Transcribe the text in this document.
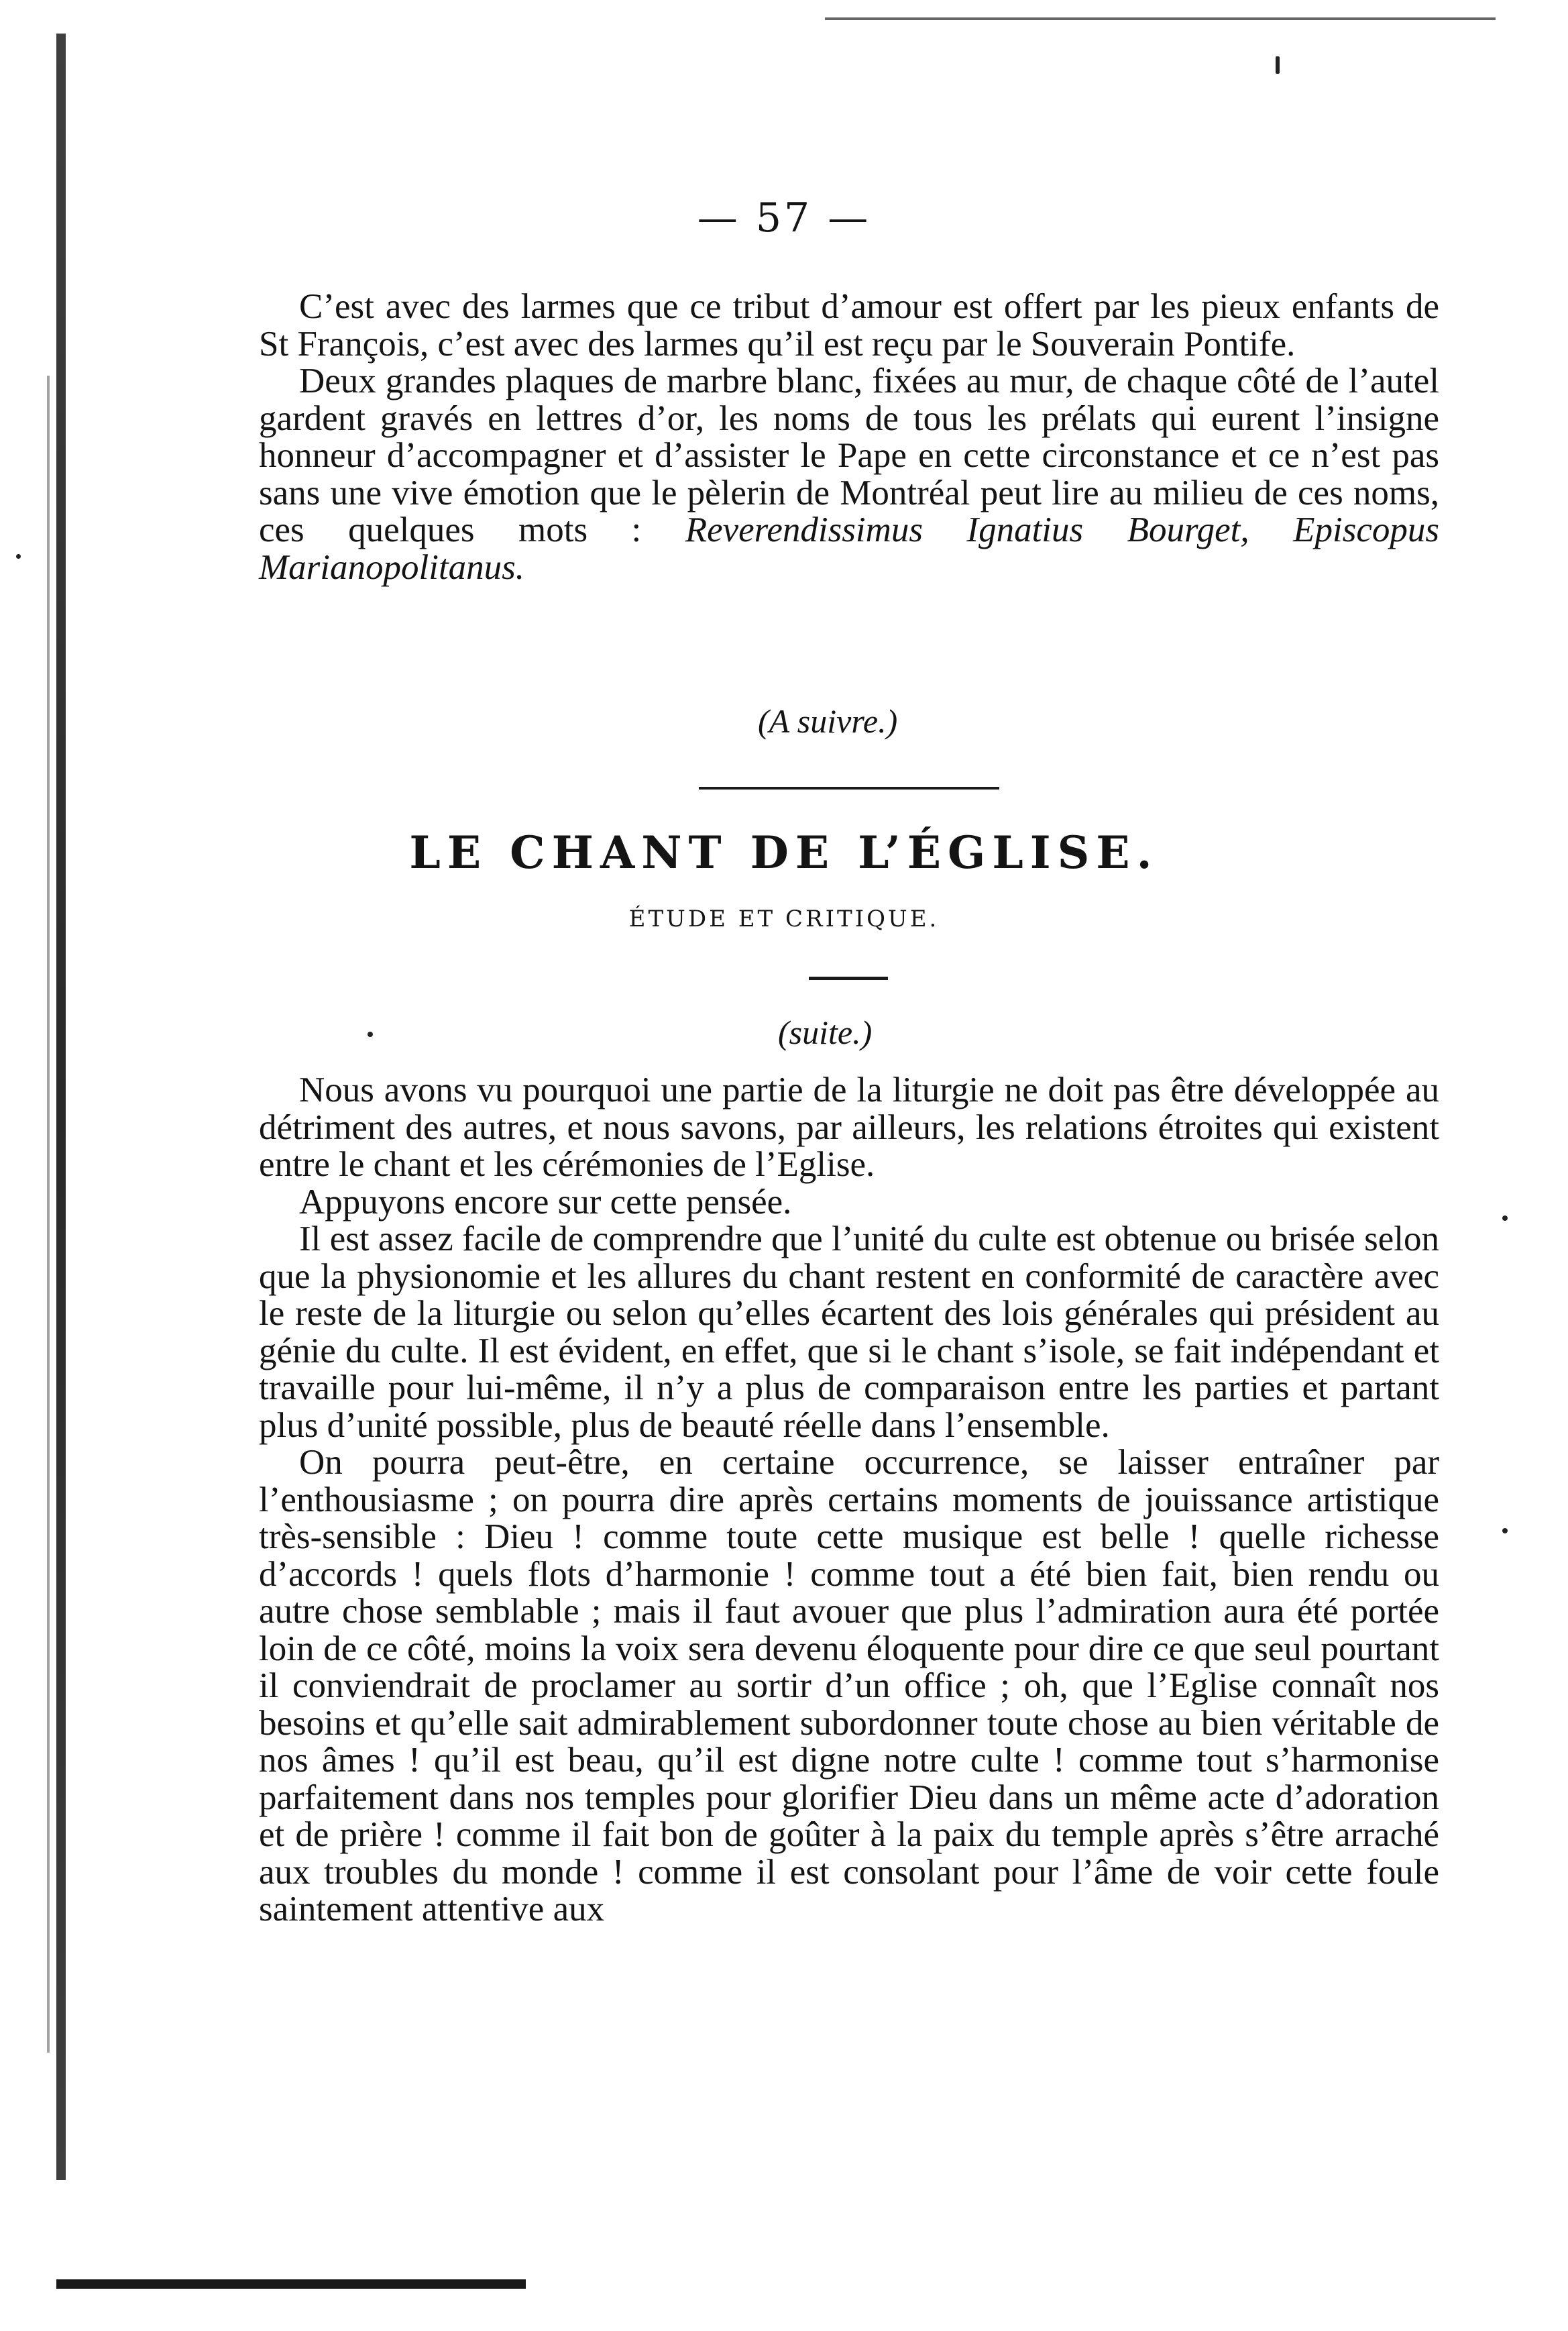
— 57 —

C’est avec des larmes que ce tribut d’amour est offert par les pieux enfants de St François, c’est avec des larmes qu’il est reçu par le Souverain Pontife.

Deux grandes plaques de marbre blanc, fixées au mur, de chaque côté de l’autel gardent gravés en lettres d’or, les noms de tous les prélats qui eurent l’insigne honneur d’accompagner et d’assister le Pape en cette circonstance et ce n’est pas sans une vive émotion que le pèlerin de Montréal peut lire au milieu de ces noms, ces quelques mots : Reverendissimus Ignatius Bourget, Episcopus Marianopolitanus.

(A suivre.)
LE CHANT DE L’ÉGLISE.
ÉTUDE ET CRITIQUE.
(suite.)

Nous avons vu pourquoi une partie de la liturgie ne doit pas être développée au détriment des autres, et nous savons, par ailleurs, les relations étroites qui existent entre le chant et les cérémonies de l’Eglise.

Appuyons encore sur cette pensée.

Il est assez facile de comprendre que l’unité du culte est obtenue ou brisée selon que la physionomie et les allures du chant restent en conformité de caractère avec le reste de la liturgie ou selon qu’elles écartent des lois générales qui président au génie du culte. Il est évident, en effet, que si le chant s’isole, se fait indépendant et travaille pour lui-même, il n’y a plus de comparaison entre les parties et partant plus d’unité possible, plus de beauté réelle dans l’ensemble.

On pourra peut-être, en certaine occurrence, se laisser entraîner par l’enthousiasme ; on pourra dire après certains moments de jouissance artistique très-sensible : Dieu ! comme toute cette musique est belle ! quelle richesse d’accords ! quels flots d’harmonie ! comme tout a été bien fait, bien rendu ou autre chose semblable ; mais il faut avouer que plus l’admiration aura été portée loin de ce côté, moins la voix sera devenu éloquente pour dire ce que seul pourtant il conviendrait de proclamer au sortir d’un office ; oh, que l’Eglise connaît nos besoins et qu’elle sait admirablement subordonner toute chose au bien véritable de nos âmes ! qu’il est beau, qu’il est digne notre culte ! comme tout s’harmonise parfaitement dans nos temples pour glorifier Dieu dans un même acte d’adoration et de prière ! comme il fait bon de goûter à la paix du temple après s’être arraché aux troubles du monde ! comme il est consolant pour l’âme de voir cette foule saintement attentive aux
